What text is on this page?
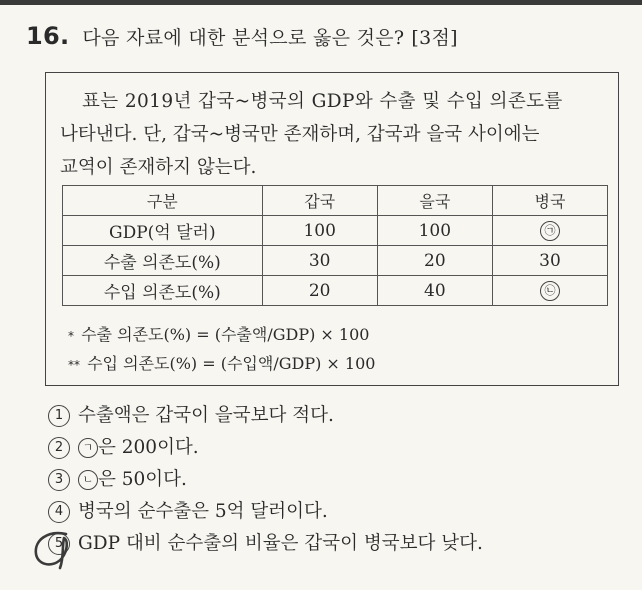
16. 다음 자료에 대한 분석으로 옳은 것은? [3점]

표는 2019년 갑국~병국의 GDP와 수출 및 수입 의존도를

나타낸다. 단, 갑국~병국만 존재하며, 갑국과 을국 사이에는
교역이 존재하지 않는다.
구분	갑국	을국	병국
GDP(억 달러)	100	100	㉠
수출 의존도(%)	30	20	30
수입 의존도(%)	20	40	㉡
* 수출 의존도(%) = (수출액/GDP) × 100
** 수입 의존도(%) = (수입액/GDP) × 100
1 수출액은 갑국이 을국보다 적다.
2	ㄱ 은 200이다.
3	ㄴ 은 50이다.
4 병국의 순수출은 5억 달러이다.
5 GDP 대비 순수출의 비율은 갑국이 병국보다 낮다.
